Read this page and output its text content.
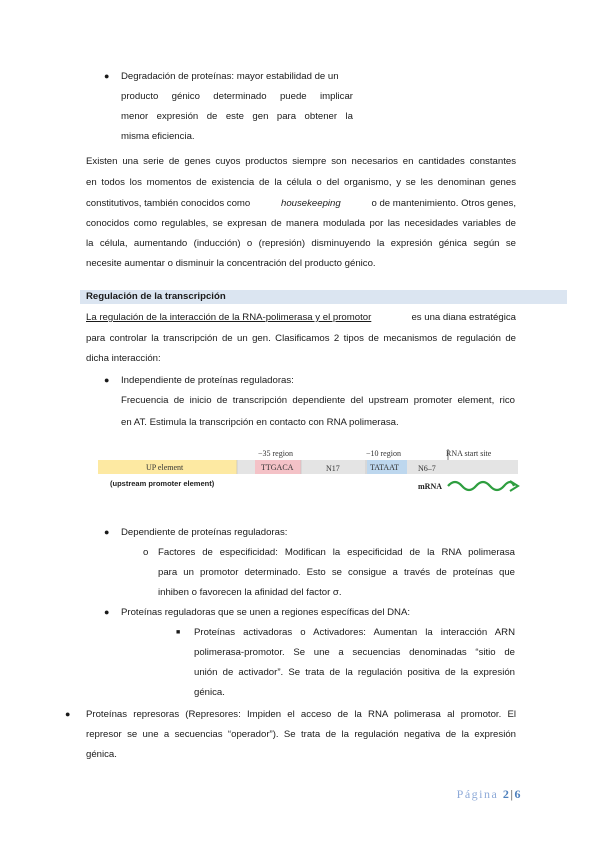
● Degradación de proteínas: mayor estabilidad de un
producto génico determinado puede implicar
menor expresión de este gen para obtener la
misma eficiencia.
Existen una serie de genes cuyos productos siempre son necesarios en cantidades constantes
en todos los momentos de existencia de la célula o del organismo, y se les denominan genes
constitutivos, también conocidos como	housekeeping	o de mantenimiento. Otros genes,
conocidos como regulables, se expresan de manera modulada por las necesidades variables de
la célula, aumentando (inducción) o (represión) disminuyendo la expresión génica según se
necesite aumentar o disminuir la concentración del producto génico.
Regulación de la transcripción
La regulación de la interacción de la RNA-polimerasa y el promotor	es una diana estratégica
para controlar la transcripción de un gen. Clasificamos 2 tipos de mecanismos de regulación de
dicha interacción:
● Independiente de proteínas reguladoras:
Frecuencia de inicio de transcripción dependiente del upstream promoter element, rico
en AT. Estimula la transcripción en contacto con RNA polimerasa.
−35 region	−10 region	RNA start site
UP element	TTGACA	N17	TATAAT N6–7
(upstream promoter element)	mRNA
● Dependiente de proteínas reguladoras:
o Factores de especificidad: Modifican la especificidad de la RNA polimerasa
para un promotor determinado. Esto se consigue a través de proteínas que
inhiben o favorecen la afinidad del factor σ.
● Proteínas reguladoras que se unen a regiones específicas del DNA:
■ Proteínas activadoras o Activadores: Aumentan la interacción ARN
polimerasa-promotor. Se une a secuencias denominadas “sitio de
unión de activador”. Se trata de la regulación positiva de la expresión
génica.
● Proteínas represoras (Represores: Impiden el acceso de la RNA polimerasa al promotor. El
represor se une a secuencias “operador”). Se trata de la regulación negativa de la expresión
génica.
Página 2|6
